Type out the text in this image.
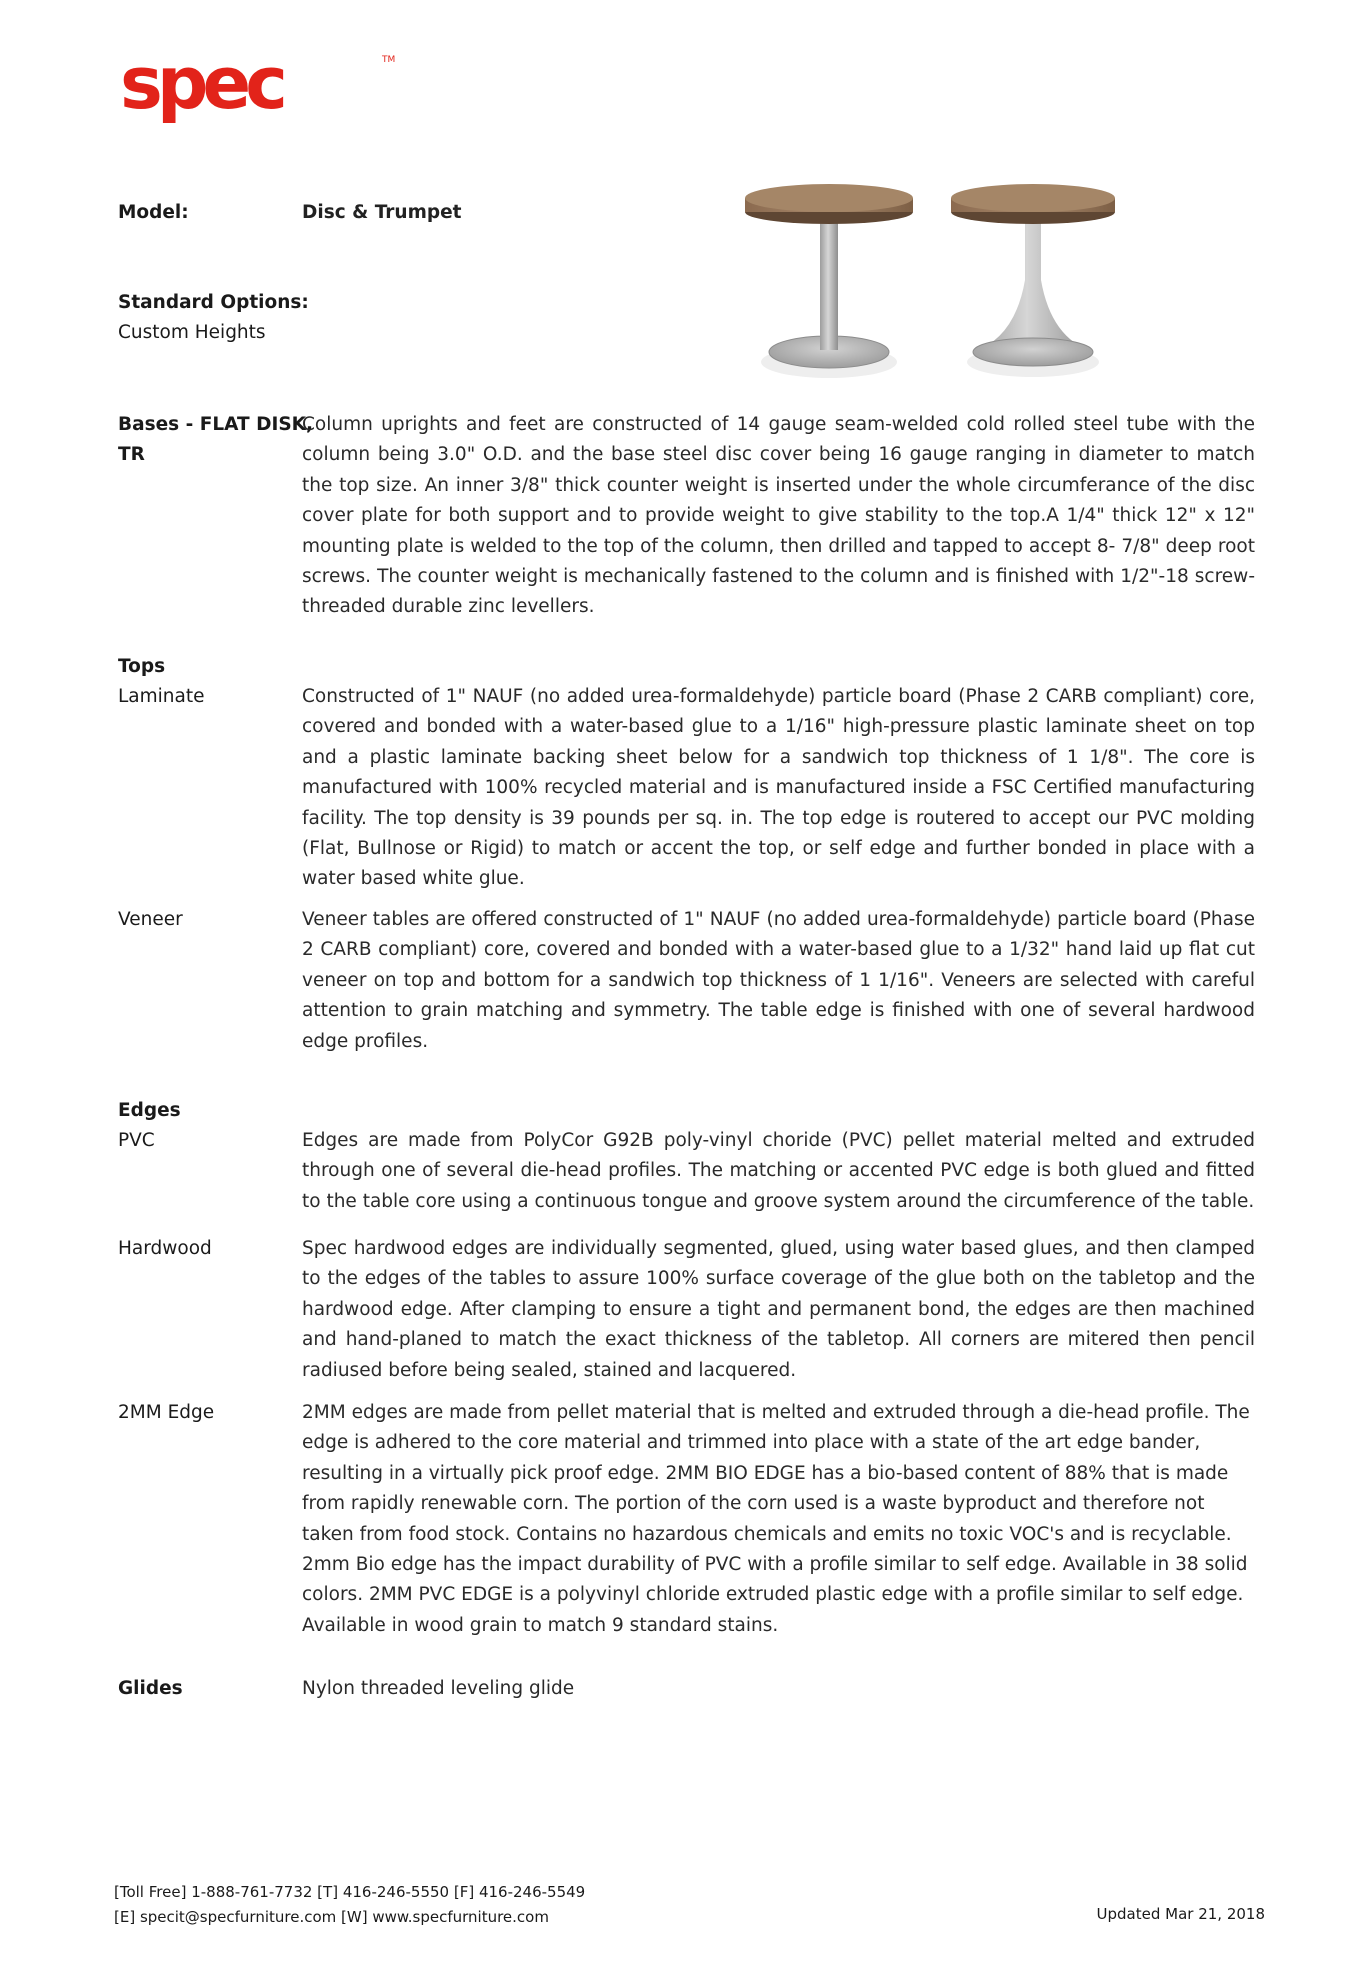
spec	TM
Model:	Disc & Trumpet
Standard Options:
Custom Heights
Bases - FLAT DISK,
TR
Column uprights and feet are constructed of 14 gauge seam-welded cold rolled steel tube with the column being 3.0" O.D. and the base steel disc cover being 16 gauge ranging in diameter to match the top size. An inner 3/8" thick counter weight is inserted under the whole circumferance of the disc cover plate for both support and to provide weight to give stability to the top.A 1/4" thick 12" x 12" mounting plate is welded to the top of the column, then drilled and tapped to accept 8- 7/8" deep root screws. The counter weight is mechanically fastened to the column and is finished with 1/2"-18 screw-threaded durable zinc levellers.
Tops
Laminate	Constructed of 1" NAUF (no added urea-formaldehyde) particle board (Phase 2 CARB compliant) core, covered and bonded with a water-based glue to a 1/16" high-pressure plastic laminate sheet on top and a plastic laminate backing sheet below for a sandwich top thickness of 1 1/8". The core is manufactured with 100% recycled material and is manufactured inside a FSC Certified manufacturing facility. The top density is 39 pounds per sq. in. The top edge is routered to accept our PVC molding (Flat, Bullnose or Rigid) to match or accent the top, or self edge and further bonded in place with a water based white glue.
Veneer	Veneer tables are offered constructed of 1" NAUF (no added urea-formaldehyde) particle board (Phase 2 CARB compliant) core, covered and bonded with a water-based glue to a 1/32" hand laid up flat cut veneer on top and bottom for a sandwich top thickness of 1 1/16". Veneers are selected with careful attention to grain matching and symmetry. The table edge is finished with one of several hardwood edge profiles.
Edges
PVC	Edges are made from PolyCor G92B poly-vinyl choride (PVC) pellet material melted and extruded through one of several die-head profiles. The matching or accented PVC edge is both glued and fitted to the table core using a continuous tongue and groove system around the circumference of the table.
Hardwood	Spec hardwood edges are individually segmented, glued, using water based glues, and then clamped to the edges of the tables to assure 100% surface coverage of the glue both on the tabletop and the hardwood edge. After clamping to ensure a tight and permanent bond, the edges are then machined and hand-planed to match the exact thickness of the tabletop. All corners are mitered then pencil radiused before being sealed, stained and lacquered.
2MM Edge	2MM edges are made from pellet material that is melted and extruded through a die-head profile. The edge is adhered to the core material and trimmed into place with a state of the art edge bander, resulting in a virtually pick proof edge. 2MM BIO EDGE has a bio-based content of 88% that is made from rapidly renewable corn. The portion of the corn used is a waste byproduct and therefore not taken from food stock. Contains no hazardous chemicals and emits no toxic VOC's and is recyclable. 2mm Bio edge has the impact durability of PVC with a profile similar to self edge. Available in 38 solid colors. 2MM PVC EDGE is a polyvinyl chloride extruded plastic edge with a profile similar to self edge. Available in wood grain to match 9 standard stains.
Glides	Nylon threaded leveling glide
[Toll Free] 1-888-761-7732 [T] 416-246-5550 [F] 416-246-5549
[E] specit@specfurniture.com [W] www.specfurniture.com	Updated Mar 21, 2018
